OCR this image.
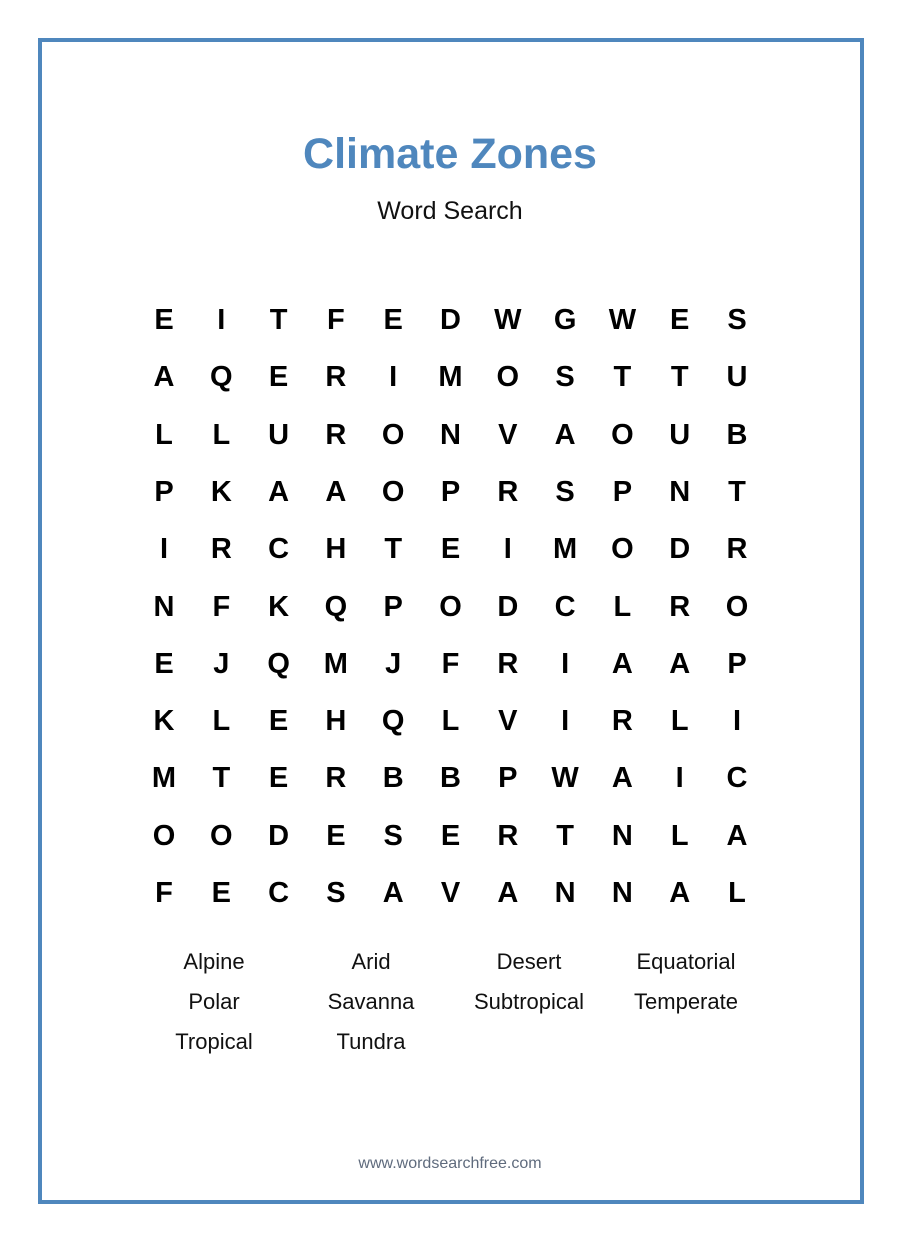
Climate Zones
Word Search
E	I	T	F	E	D	W	G	W	E	S
A	Q	E	R	I	M	O	S	T	T	U
L	L	U	R	O	N	V	A	O	U	B
P	K	A	A	O	P	R	S	P	N	T
I	R	C	H	T	E	I	M	O	D	R
N	F	K	Q	P	O	D	C	L	R	O
E	J	Q	M	J	F	R	I	A	A	P
K	L	E	H	Q	L	V	I	R	L	I
M	T	E	R	B	B	P	W	A	I	C
O	O	D	E	S	E	R	T	N	L	A
F	E	C	S	A	V	A	N	N	A	L
Alpine	Arid	Desert	Equatorial
Polar	Savanna	Subtropical	Temperate
Tropical	Tundra
www.wordsearchfree.com
